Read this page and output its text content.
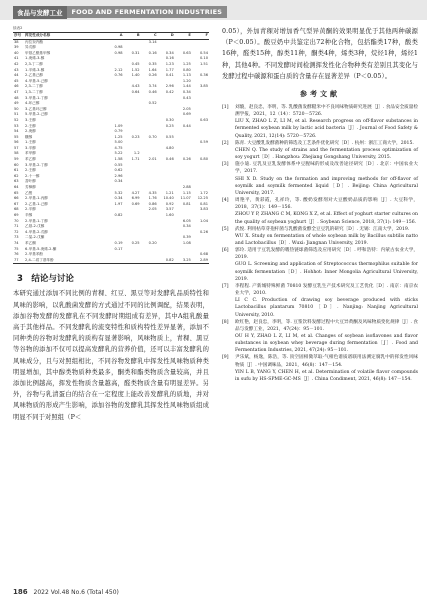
食品与发酵工业	FOOD AND FERMENTATION INDUSTRIES
续表2
序号	挥发性成分名称	A	B	C	D	E	F
38	丙位癸内酯			3.14			
39	异戊醇	0.98					
40	甲基乙酰基甲醇	0.98	0.31	0.16	0.34	0.63	0.54
41	1-庚烯-3-醇				0.16		0.10
42	2,3-丁二醇		0.45	0.35	1.23	1.25	1.51
43	1-辛烯-3-醇	2.12	1.52	1.64	1.77	0.80	
44	2-乙基己醇	0.76	1.40	0.26	0.41	1.13	0.36
45	4-甲基-5-己醇					1.20	
46	2,3-二丁醇		4.43	3.74	2.96	1.44	3.85
47	1,3-二丁醇		0.64	0.46	0.42	0.34	
48	3-甲基-1-丁醇					0.43	
49	4-环己醇			0.52			
50	3-乙基环己醇					2.05	
51	5-甲基-2-己醇					0.69	
52	3-壬醇				0.30		0.63
53	2-壬醇	1.09			0.25	0.44	
54	2-庚醇	0.79					
55	糠醇	1.25	0.23	0.70	0.55		
56	1-壬醇	5.00					0.59
57	3-辛醇	4.75			4.80		
58	苯甲醇	5.22	1.2				
59	苯乙醇	1.58	1.71	2.01	0.46	0.26	0.80
60	3-甲基-2-丁醇	0.55					
61	2-壬醇	0.62					
62	2-十一醇	2.96					
63	香叶醇	0.34					
64	芳樟醇					2.88	
65	乙醛	5.32	4.27	4.35	1.21	1.15	1.72
66	2-甲基-1-丙醇	0.34	6.99	1.76	10.40	11.07	12.25
67	2-乙基-1-己醇	1.97	0.69	0.86	0.92	0.81	0.81
68	2-辛醇			2.05	3.57		3.83
69	辛醇	0.82			1.60		
70	2-甲基-1-丁醇					6.05	1.04
71	乙基-2-戊醇					0.34	
72	4-甲基-2-戊醇						0.26
73	二氢-2-戊酮					0.39	
74	苯乙酮	0.19	0.25	0.20		1.08	
75	6-甲基-5-庚烯-2-酮	0.17					
76	2-甲基苯酚						0.68
77	2,4-二叔丁基苯酚				0.82	3.25	2.89
3　结论与讨论

本研究通过添加不同比例的青稞、红豆、黑豆等对发酵乳品质特性和风味的影响，以乳酸菌发酵的方式通过不同的比例调配，结果表明，添加谷物发酵的发酵乳在不同发酵时期组成有差异，其中A组乳酸量高于其他样品。不同发酵乳的流变特性和质构特性差异显著，添加不同种类的谷物对发酵乳的质构有显著影响，风味物质上，青稞、黑豆等谷物的添加不仅可以提高发酵乳的营养价值，还可以丰富发酵乳的风味成分，且与对照组相比，不同谷物发酵乳中挥发性风味物质种类明显增加，其中醇类物质种类最多，酮类和酯类物质含量较高，并且添加比例越高，挥发性物质含量越高，醛类物质含量有明显差异。另外，谷物与乳清蛋白的结合在一定程度上能改善发酵乳的质地，并对风味物质的形成产生影响，添加谷物的发酵乳其挥发性风味物质组成明显不同于对照组（P＜

0.05），外加青稞对增加香气型异黄酮的效果明显优于其他两种碳源（P＜0.05）。酸豆奶中共鉴定出72种化合物，包括酯类17种，酸类16种，醛类15种，醇类11种，酮类4种，烯类3种，烷烃1种，烯烃1种，其他4种。不同发酵时间检测挥发性化合物种类有差别且其变化与发酵过程中碳源和蛋白质的含量存在显著差异（P＜0.05）。

参考文献
[1]	刘璇，赵良忠，李明，等. 乳酸菌发酵糙米中不良风味物质研究进展［J］. 食品安全质量检测学报，2021，12（14）：5720－5726.
LIU X, ZHAO L Z, LI M, et al. Research progress on off-flavor substances in fermented soybean milk by lactic acid bacteria［J］. Journal of Food Safety & Quality, 2021, 12(14): 5720－5726.
[2]	陈青. 大豆酸乳发酵菌种的筛选及工艺条件优化研究［D］. 杭州：浙江工商大学，2015.
CHEN Q. The study of strains and the fermentation process optimization of soy yogurt［D］. Hangzhou: Zhejiang Gongshang University, 2015.
[3]	施小迪. 豆乳及豆乳发酵体系中豆腥味的形成及改善途径研究［D］. 北京：中国农业大学，2017.
SHI X D. Study on the formation and improving methods for off-flavor of soymilk and soymilk fermented liquid［D］. Beijing: China Agricultural University, 2017.
[4]	周艳平，黄彩霞，孔祥玲，等. 酸奶发酵剂对大豆酸奶品质的影响［J］. 大豆科学，2018，37(1)：149－156.
ZHOU Y P, ZHANG C M, KONG X Z, et al. Effect of yoghurt starter cultures on the quality of soybean yoghurt［J］. Soybean Science, 2018, 37(1): 149－156.
[5]	武悦. 利用枯草芽孢杆菌与乳酸菌发酵全豆豆乳的研究［D］. 无锡：江南大学，2019.
WU X. Study on fermentation of whole soybean milk by Bacillus subtilis natto and Lactobacillus［D］. Wuxi: Jiangnan University, 2019.
[6]	郭玲. 适用于豆乳发酵的嗜热链球菌筛选及应用研究［D］. 呼和浩特：内蒙古农业大学，2019.
GUO L. Screening and application of Streptococcus thermophilus suitable for soymilk fermentation［D］. Hohhot: Inner Mongolia Agricultural University, 2019.
[7]	李程程. 产新城特殊鲜菌 70810 发酵豆乳生产技术研究及工艺优化［D］. 南京：南京农业大学，2010.
LI C C. Production of drawing soy beverage produced with sticks Lactobacillus plantarum 70810［D］. Nanjing: Nanjing Agricultural University, 2010.
[8]	欧红艳，赵良忠，李明，等. 豆浆饮料发酵过程中大豆异黄酮及风味物质变化规律［J］. 食品与发酵工业，2021，47(24)：95－101.
OU H Y, ZHAO L Z, LI M, et al. Changes of soybean isoflavones and flavor substances in soybean whey beverage during fermentation［J］. Food and Fermentation Industries, 2021, 47(24): 95－101.
[9]	尹乐斌，杨逸，陈浩，等. 顶空固相微萃取-气相色谱质谱联用法测定腐乳中的挥发性风味物质［J］. 中国调味品，2021，46(8)：147－154.
YIN L B, YANG Y, CHEN H, et al. Determination of volatile flavor compounds in sufu by HS-SPME-GC-MS［J］. China Condiment, 2021, 46(8): 147－154.
186 2022 Vol.48 No.6 (Total 450)
